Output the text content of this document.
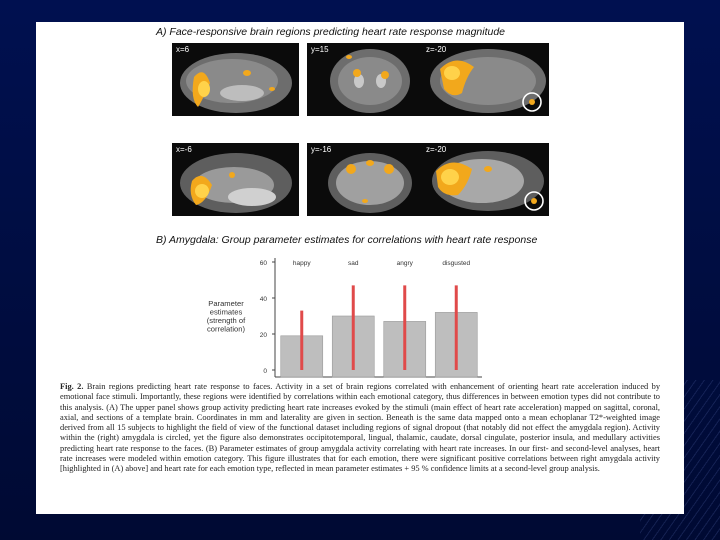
A) Face-responsive brain regions predicting heart rate response magnitude
x=6	y=15	z=-20
x=-6	y=-16	z=-20
B) Amygdala: Group parameter estimates for correlations with heart rate response
0
20
40
60
Parameter
estimates
(strength of
correlation)
happy	sad	angry	disgusted
Fig. 2. Brain regions predicting heart rate response to faces. Activity in a set of brain regions correlated with enhancement of orienting heart rate acceleration induced by emotional face stimuli. Importantly, these regions were identified by correlations within each emotional category, thus differences in between emotion types did not contribute to this analysis. (A) The upper panel shows group activity predicting heart rate increases evoked by the stimuli (main effect of heart rate acceleration) mapped on sagittal, coronal, axial, and sections of a template brain. Coordinates in mm and laterality are given in section. Beneath is the same data mapped onto a mean echoplanar T2*-weighted image derived from all 15 subjects to highlight the field of view of the functional dataset including regions of signal dropout (that notably did not effect the amygdala region). Activity within the (right) amygdala is circled, yet the figure also demonstrates occipitotemporal, lingual, thalamic, caudate, dorsal cingulate, posterior insula, and medullary activities predicting heart rate response to the faces. (B) Parameter estimates of group amygdala activity correlating with heart rate increases. In our first- and second-level analyses, heart rate increases were modeled within emotion category. This figure illustrates that for each emotion, there were significant positive correlations between right amygdala activity [highlighted in (A) above] and heart rate for each emotion type, reflected in mean parameter estimates + 95 % confidence limits at a second-level group analysis.
